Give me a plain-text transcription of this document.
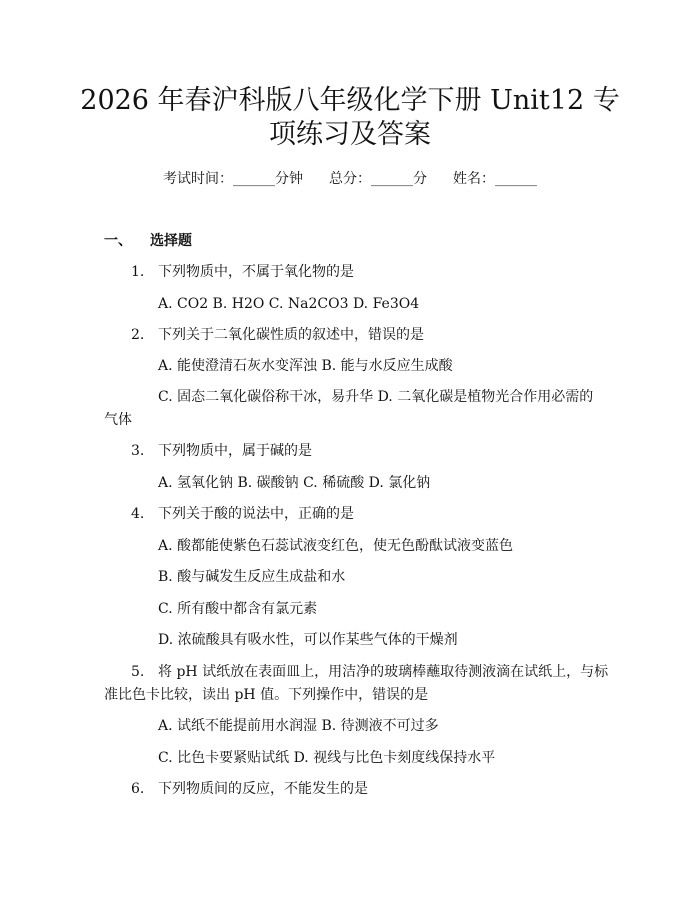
2026 年春沪科版八年级化学下册 Unit12 专
项练习及答案
考试时间：______分钟 总分：______分 姓名：______
一、 选择题
1. 下列物质中，不属于氧化物的是
A. CO2 B. H2O C. Na2CO3 D. Fe3O4
2. 下列关于二氧化碳性质的叙述中，错误的是
A. 能使澄清石灰水变浑浊 B. 能与水反应生成酸
C. 固态二氧化碳俗称干冰，易升华 D. 二氧化碳是植物光合作用必需的
气体
3. 下列物质中，属于碱的是
A. 氢氧化钠 B. 碳酸钠 C. 稀硫酸 D. 氯化钠
4. 下列关于酸的说法中，正确的是
A. 酸都能使紫色石蕊试液变红色，使无色酚酞试液变蓝色
B. 酸与碱发生反应生成盐和水
C. 所有酸中都含有氯元素
D. 浓硫酸具有吸水性，可以作某些气体的干燥剂
5. 将 pH 试纸放在表面皿上，用洁净的玻璃棒蘸取待测液滴在试纸上，与标
准比色卡比较，读出 pH 值。下列操作中，错误的是
A. 试纸不能提前用水润湿 B. 待测液不可过多
C. 比色卡要紧贴试纸 D. 视线与比色卡刻度线保持水平
6. 下列物质间的反应，不能发生的是
